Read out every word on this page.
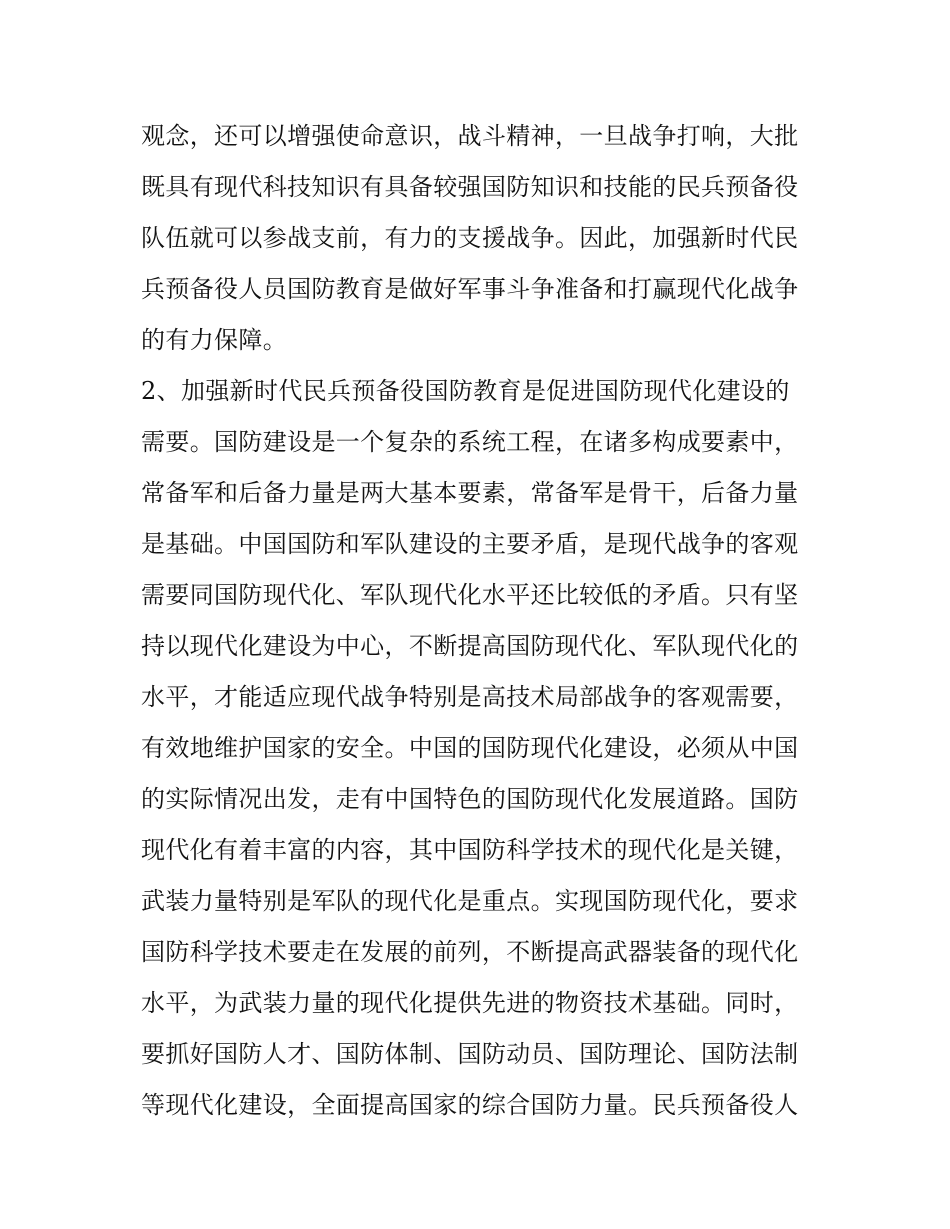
观念，还可以增强使命意识，战斗精神，一旦战争打响，大批
既具有现代科技知识有具备较强国防知识和技能的民兵预备役
队伍就可以参战支前，有力的支援战争。因此，加强新时代民
兵预备役人员国防教育是做好军事斗争准备和打赢现代化战争
的有力保障。
2、加强新时代民兵预备役国防教育是促进国防现代化建设的
需要。国防建设是一个复杂的系统工程，在诸多构成要素中，
常备军和后备力量是两大基本要素，常备军是骨干，后备力量
是基础。中国国防和军队建设的主要矛盾，是现代战争的客观
需要同国防现代化、军队现代化水平还比较低的矛盾。只有坚
持以现代化建设为中心，不断提高国防现代化、军队现代化的
水平，才能适应现代战争特别是高技术局部战争的客观需要，
有效地维护国家的安全。中国的国防现代化建设，必须从中国
的实际情况出发，走有中国特色的国防现代化发展道路。国防
现代化有着丰富的内容，其中国防科学技术的现代化是关键，
武装力量特别是军队的现代化是重点。实现国防现代化，要求
国防科学技术要走在发展的前列，不断提高武器装备的现代化
水平，为武装力量的现代化提供先进的物资技术基础。同时，
要抓好国防人才、国防体制、国防动员、国防理论、国防法制
等现代化建设，全面提高国家的综合国防力量。民兵预备役人
